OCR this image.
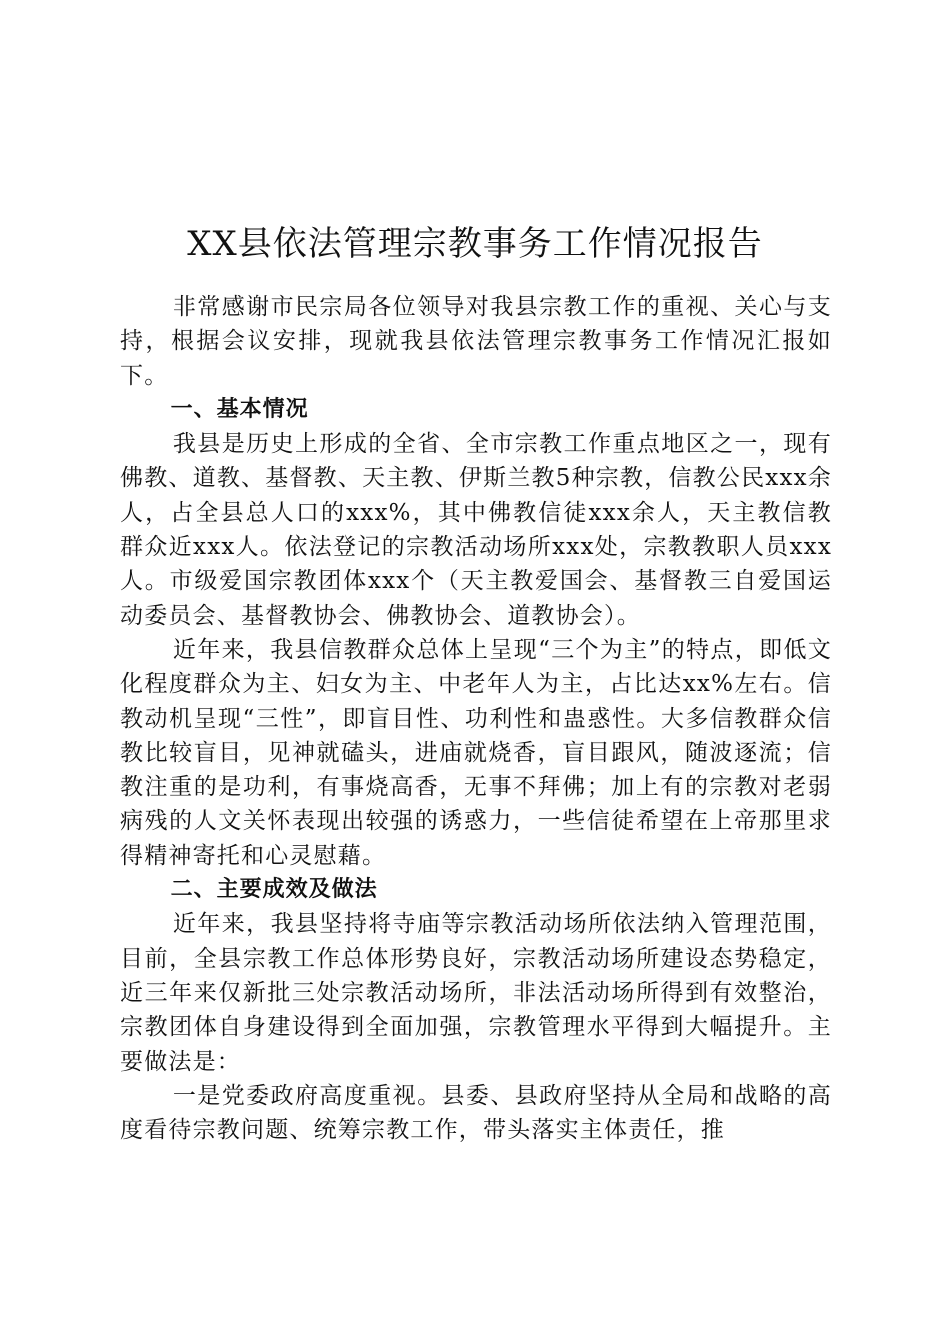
XX县依法管理宗教事务工作情况报告

非常感谢市民宗局各位领导对我县宗教工作的重视、关心与支持，根据会议安排，现就我县依法管理宗教事务工作情况汇报如下。

一、基本情况

我县是历史上形成的全省、全市宗教工作重点地区之一，现有佛教、道教、基督教、天主教、伊斯兰教5种宗教，信教公民xxx余人，占全县总人口的xxx%，其中佛教信徒xxx余人，天主教信教群众近xxx人。依法登记的宗教活动场所xxx处，宗教教职人员xxx人。市级爱国宗教团体xxx个（天主教爱国会、基督教三自爱国运动委员会、基督教协会、佛教协会、道教协会）。

近年来，我县信教群众总体上呈现“三个为主”的特点，即低文化程度群众为主、妇女为主、中老年人为主，占比达xx%左右。信教动机呈现“三性”，即盲目性、功利性和蛊惑性。大多信教群众信教比较盲目，见神就磕头，进庙就烧香，盲目跟风，随波逐流；信教注重的是功利，有事烧高香，无事不拜佛；加上有的宗教对老弱病残的人文关怀表现出较强的诱惑力，一些信徒希望在上帝那里求得精神寄托和心灵慰藉。

二、主要成效及做法

近年来，我县坚持将寺庙等宗教活动场所依法纳入管理范围，目前，全县宗教工作总体形势良好，宗教活动场所建设态势稳定，近三年来仅新批三处宗教活动场所，非法活动场所得到有效整治，宗教团体自身建设得到全面加强，宗教管理水平得到大幅提升。主要做法是：

一是党委政府高度重视。县委、县政府坚持从全局和战略的高度看待宗教问题、统筹宗教工作，带头落实主体责任，推
